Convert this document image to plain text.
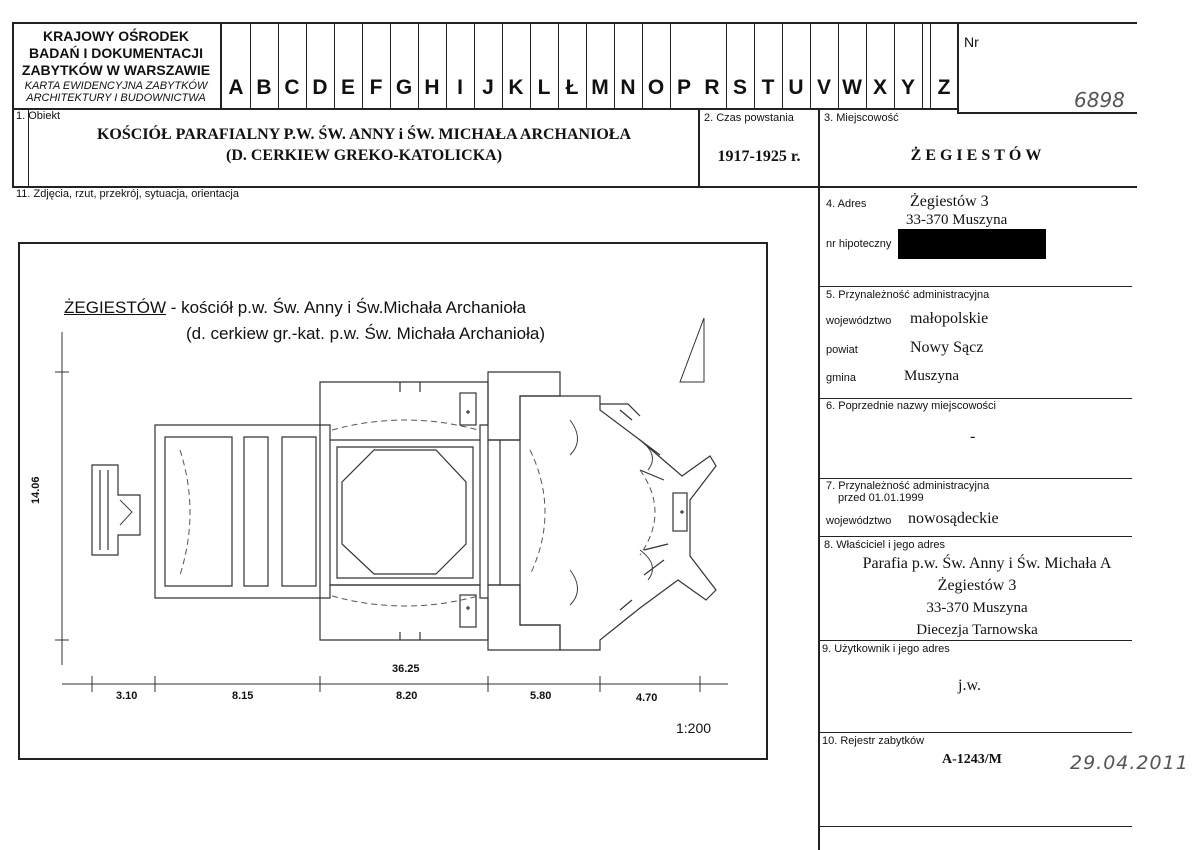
KRAJOWY OŚRODEK
BADAŃ I DOKUMENTACJI
ZABYTKÓW W WARSZAWIE
KARTA EWIDENCYJNA ZABYTKÓW
ARCHITEKTURY I BUDOWNICTWA	A B C D E F G H I J K L Ł M N O P R S T U V W X Y	Z
Nr
6898
1. Obiekt
KOŚCIÓŁ PARAFIALNY P.W. ŚW. ANNY i ŚW. MICHAŁA ARCHANIOŁA
(D. CERKIEW GREKO-KATOLICKA)
2. Czas powstania
1917-1925 r.
3. Miejscowość
ŻEGIESTÓW
11. Zdjęcia, rzut, przekrój, sytuacja, orientacja
ŻEGIESTÓW - kościół p.w. Św. Anny i Św.Michała Archanioła
(d. cerkiew gr.-kat. p.w. Św. Michała Archanioła)
14.06
36.25
3.10	8.15	8.20	5.80	4.70
1:200
4. Adres	Żegiestów 3
33-370 Muszyna
nr hipoteczny
5. Przynależność administracyjna
województwo małopolskie
powiat	Nowy Sącz
gmina	Muszyna
6. Poprzednie nazwy miejscowości
-
7. Przynależność administracyjna
przed 01.01.1999
województwo nowosądeckie
8. Właściciel i jego adres
Parafia p.w. Św. Anny i Św. Michała A
Żegiestów 3
33-370 Muszyna
Diecezja Tarnowska
9. Użytkownik i jego adres
j.w.
10. Rejestr zabytków
A-1243/M	29.04.2011
